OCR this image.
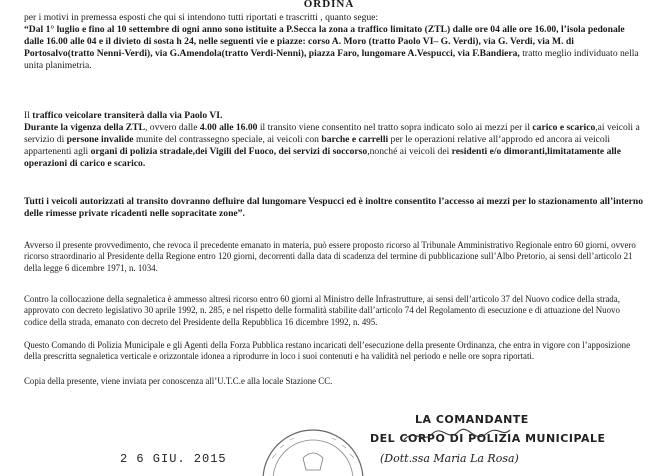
ORDINA

per i motivi in premessa esposti che qui si intendono tutti riportati e trascritti , quanto segue:

“Dal 1° luglio e fino al 10 settembre di ogni anno sono istituite a P.Secca la zona a traffico limitato (ZTL) dalle ore 04 alle ore 16.00, l’isola pedonale dalle 16.00 alle 04 e il divieto di sosta h 24, nelle seguenti vie e piazze: corso A. Moro (tratto Paolo VI– G. Verdi), via G. Verdi, via M. di Portosalvo(tratto Nenni-Verdi), via G.Amendola(tratto Verdi-Nenni), piazza Faro, lungomare A.Vespucci, via F.Bandiera, tratto meglio individuato nella unita planimetria.

Il traffico veicolare transiterà dalla via Paolo VI.

Durante la vigenza della ZTL, ovvero dalle 4.00 alle 16.00 il transito viene consentito nel tratto sopra indicato solo ai mezzi per il carico e scarico,ai veicoli a servizio di persone invalide munite del contrassegno speciale, ai veicoli con barche e carrelli per le operazioni relative all’approdo ed ancora ai veicoli appartenenti agli organi di polizia stradale,dei Vigili del Fuoco, dei servizi di soccorso,nonché ai veicoli dei residenti e/o dimoranti,limitatamente alle operazioni di carico e scarico.

Tutti i veicoli autorizzati al transito dovranno defluire dal lungomare Vespucci ed è inoltre consentito l’accesso ai mezzi per lo stazionamento all’interno delle rimesse private ricadenti nelle sopracitate zone”.

Avverso il presente provvedimento, che revoca il precedente emanato in materia, può essere proposto ricorso al Tribunale Amministrativo Regionale entro 60 giorni, ovvero ricorso straordinario al Presidente della Regione entro 120 giorni, decorrenti dalla data di scadenza del termine di pubblicazione sull’Albo Pretorio, ai sensi dell’articolo 21 della legge 6 dicembre 1971, n. 1034.

Contro la collocazione della segnaletica è ammesso altresì ricorso entro 60 giorni al Ministro delle Infrastrutture, ai sensi dell’articolo 37 del Nuovo codice della strada, approvato con decreto legislativo 30 aprile 1992, n. 285, e nel rispetto delle formalità stabilite dall’articolo 74 del Regolamento di esecuzione e di attuazione del Nuovo codice della strada, emanato con decreto del Presidente della Repubblica 16 dicembre 1992, n. 495.

Questo Comando di Polizia Municipale e gli Agenti della Forza Pubblica restano incaricati dell’esecuzione della presente Ordinanza, che entra in vigore con l’apposizione della prescritta segnaletica verticale e orizzontale idonea a riprodurre in loco i suoi contenuti e ha validità nel periodo e nelle ore sopra riportati.

Copia della presente, viene inviata per conoscenza all’U.T.C.e alla locale Stazione CC.

2 6 GIU. 2015
LA COMANDANTE
DEL CORPO DI POLIZIA MUNICIPALE
(Dott.ssa Maria La Rosa)
